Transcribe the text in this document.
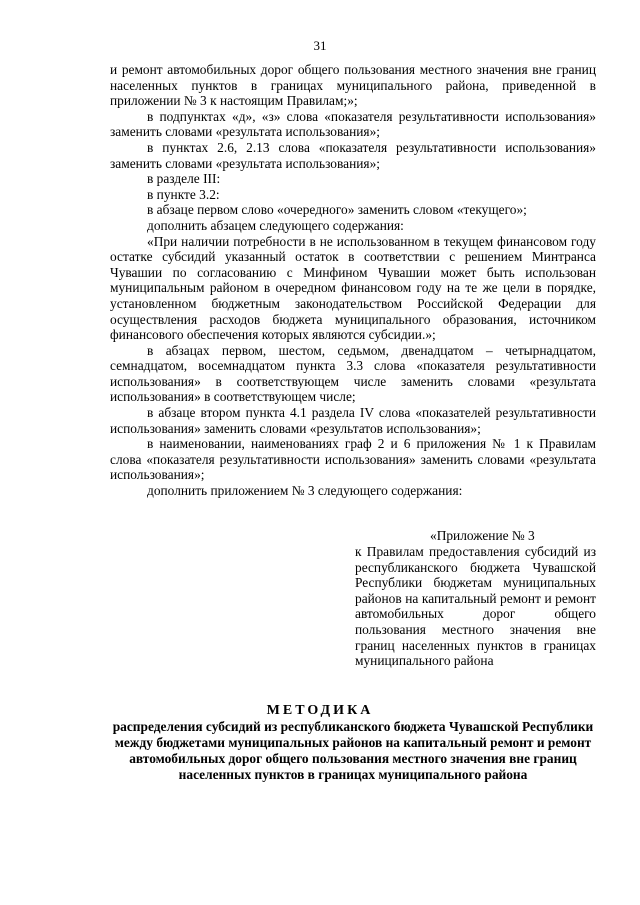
31

и ремонт автомобильных дорог общего пользования местного значения вне границ населенных пунктов в границах муниципального района, приведенной в приложении № 3 к настоящим Правилам;»;

в подпунктах «д», «з» слова «показателя результативности использования» заменить словами «результата использования»;

в пунктах 2.6, 2.13 слова «показателя результативности использования» заменить словами «результата использования»;

в разделе III:

в пункте 3.2:

в абзаце первом слово «очередного» заменить словом «текущего»;

дополнить абзацем следующего содержания:

«При наличии потребности в не использованном в текущем финансовом году остатке субсидий указанный остаток в соответствии с решением Минтранса Чувашии по согласованию с Минфином Чувашии может быть использован муниципальным районом в очередном финансовом году на те же цели в порядке, установленном бюджетным законодательством Российской Федерации для осуществления расходов бюджета муниципального образования, источником финансового обеспечения которых являются субсидии.»;

в абзацах первом, шестом, седьмом, двенадцатом – четырнадцатом, семнадцатом, восемнадцатом пункта 3.3 слова «показателя результативности использования» в соответствующем числе заменить словами «результата использования» в соответствующем числе;

в абзаце втором пункта 4.1 раздела IV слова «показателей результативности использования» заменить словами «результатов использования»;

в наименовании, наименованиях граф 2 и 6 приложения № 1 к Правилам слова «показателя результативности использования» заменить словами «результата использования»;

дополнить приложением № 3 следующего содержания:

«Приложение № 3
к Правилам предоставления субсидий из республиканского бюджета Чувашской Республики бюджетам муниципальных районов на капитальный ремонт и ремонт автомобильных дорог общего пользования местного значения вне границ населенных пунктов в границах муниципального района
МЕТОДИКА
распределения субсидий из республиканского бюджета Чувашской Республики между бюджетами муниципальных районов на капитальный ремонт и ремонт автомобильных дорог общего пользования местного значения вне границ населенных пунктов в границах муниципального района
